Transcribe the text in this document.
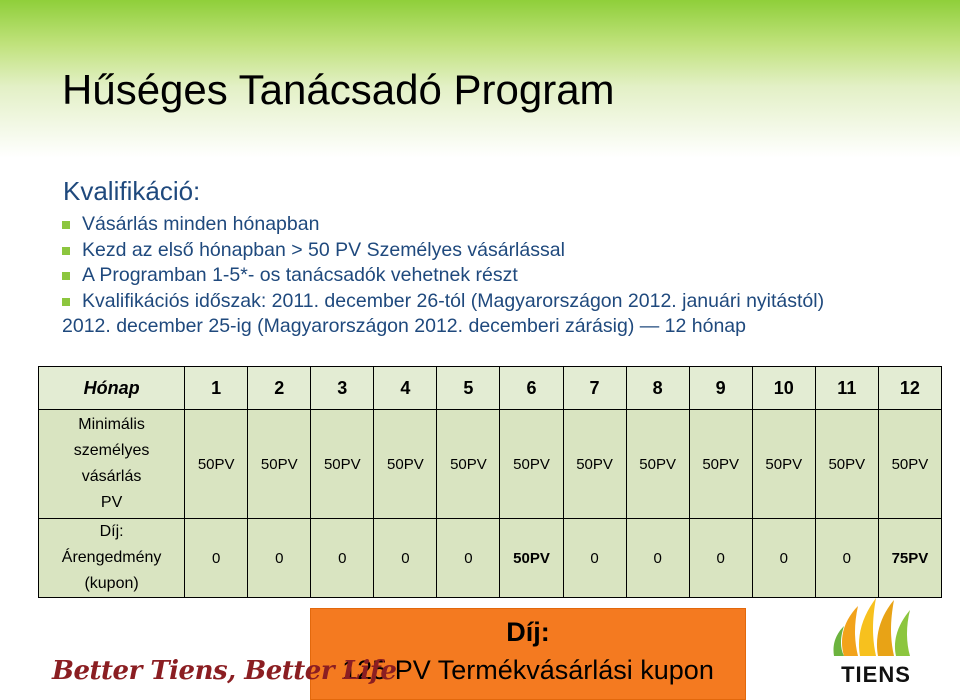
Hűséges Tanácsadó Program
Kvalifikáció:
Vásárlás minden hónapban
Kezd az első hónapban > 50 PV Személyes vásárlással
A Programban 1-5*- os tanácsadók vehetnek részt
Kvalifikációs időszak: 2011. december 26-tól (Magyarországon 2012. januári nyitástól)
2012. december 25-ig (Magyarországon 2012. decemberi zárásig) — 12 hónap
Hónap	1	2	3	4	5	6	7	8	9	10	11	12

Minimális
személyes
vásárlás
PV	50PV	50PV	50PV	50PV	50PV	50PV	50PV	50PV	50PV	50PV	50PV	50PV

Díj:
Árengedmény
(kupon)	0	0	0	0	0	50PV	0	0	0	0	0	75PV
Díj:
125 PV Termékvásárlási kupon
Better Tiens, Better Life	TIENS
